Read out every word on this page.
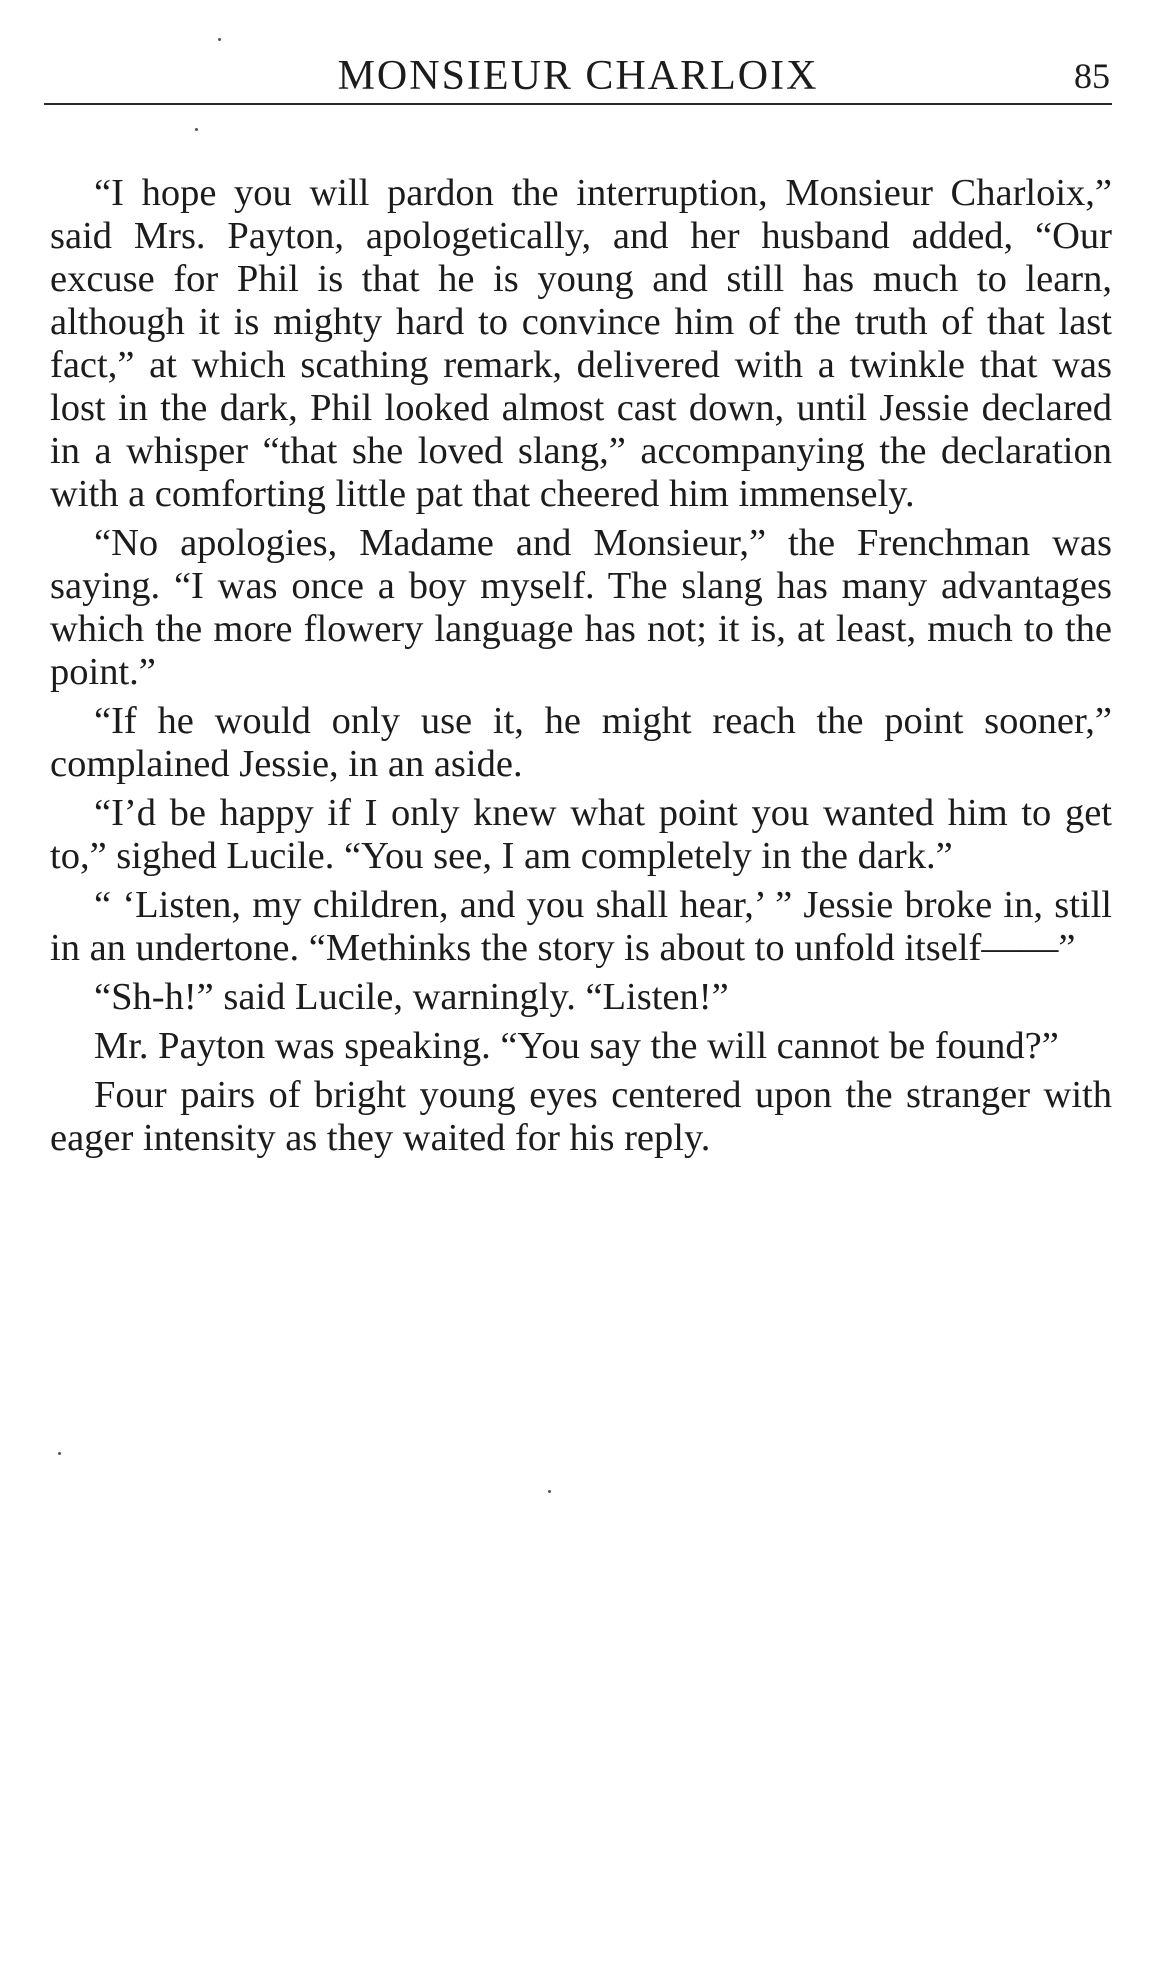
MONSIEUR CHARLOIX	85

“I hope you will pardon the interruption, Monsieur Charloix,” said Mrs. Payton, apologetically, and her husband added, “Our excuse for Phil is that he is young and still has much to learn, although it is mighty hard to convince him of the truth of that last fact,” at which scathing remark, delivered with a twinkle that was lost in the dark, Phil looked almost cast down, until Jessie declared in a whisper “that she loved slang,” accompanying the declaration with a comforting little pat that cheered him immensely.

“No apologies, Madame and Monsieur,” the Frenchman was saying. “I was once a boy myself. The slang has many advantages which the more flowery language has not; it is, at least, much to the point.”

“If he would only use it, he might reach the point sooner,” complained Jessie, in an aside.

“I’d be happy if I only knew what point you wanted him to get to,” sighed Lucile. “You see, I am completely in the dark.”

“ ‘Listen, my children, and you shall hear,’ ” Jessie broke in, still in an undertone. “Methinks the story is about to unfold itself——”

“Sh-h!” said Lucile, warningly. “Listen!”

Mr. Payton was speaking. “You say the will cannot be found?”

Four pairs of bright young eyes centered upon the stranger with eager intensity as they waited for his reply.
